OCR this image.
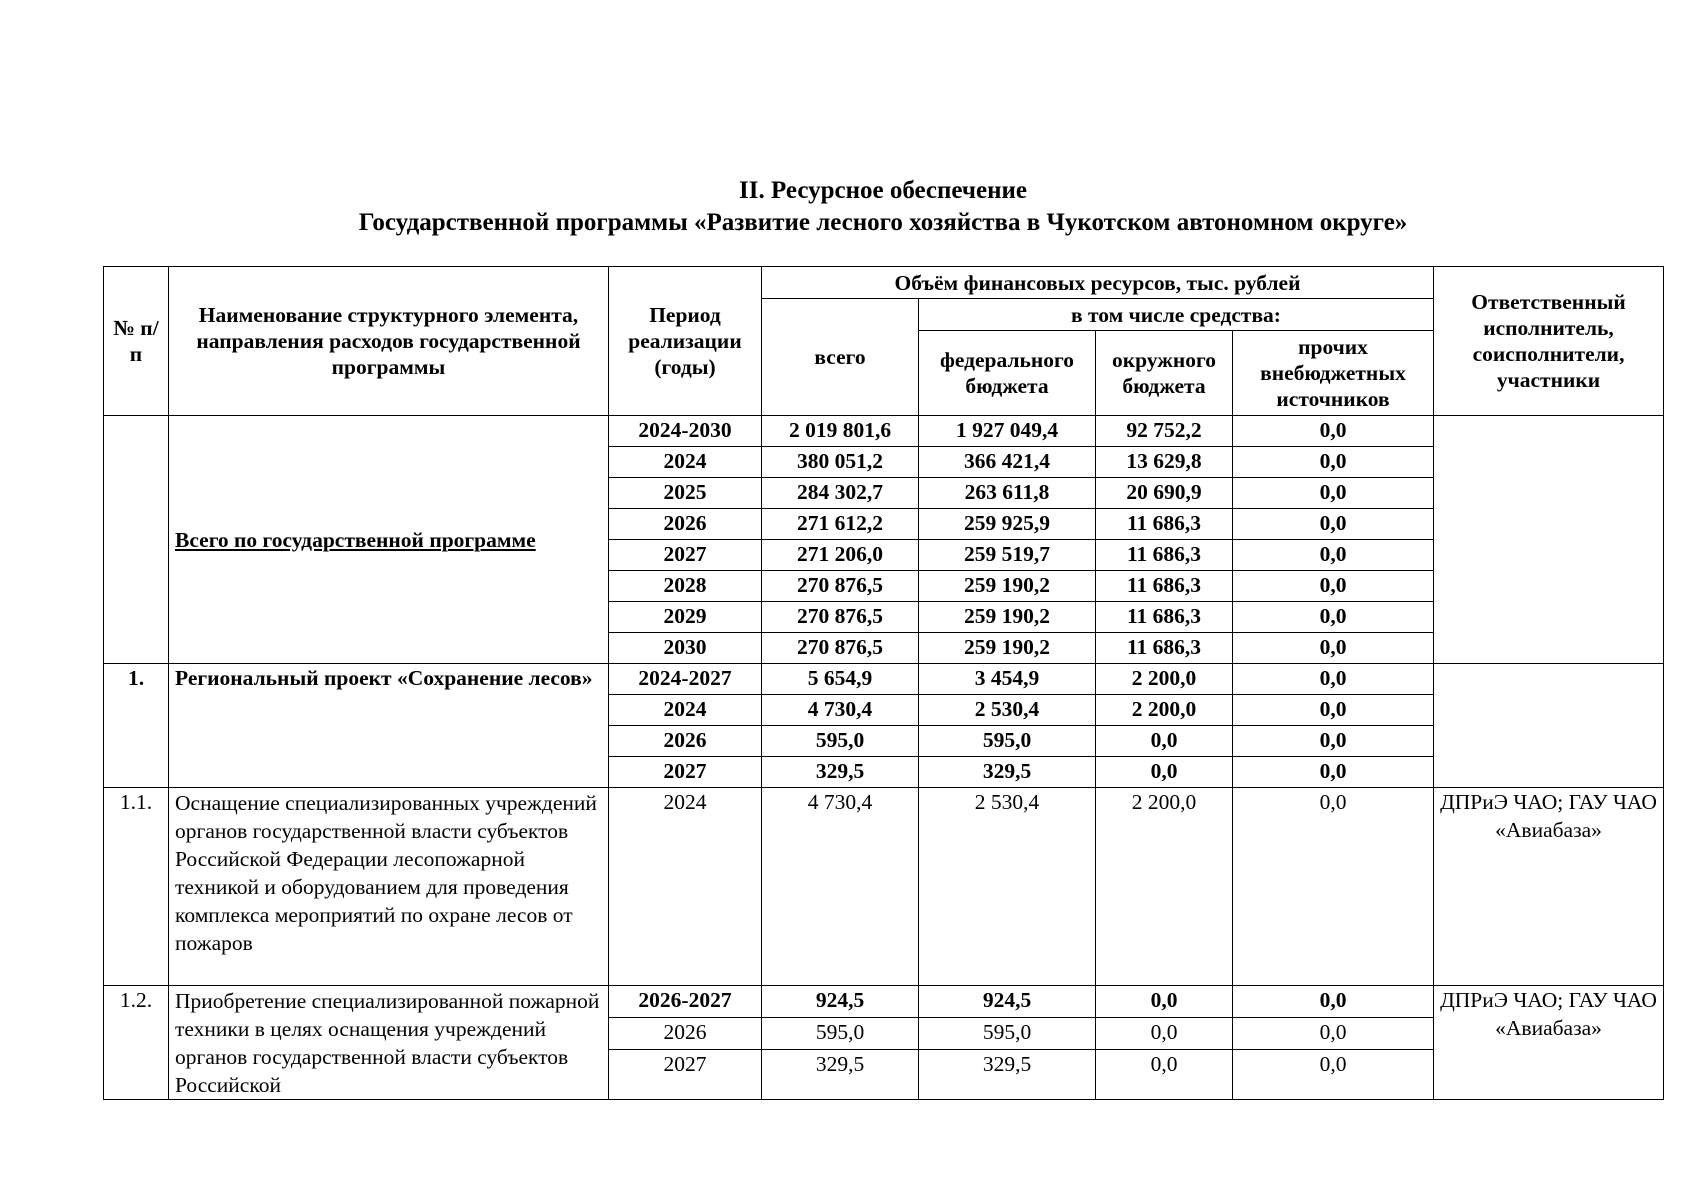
II. Ресурсное обеспечение
Государственной программы «Развитие лесного хозяйства в Чукотском автономном округе»
№ п/п	Наименование структурного элемента, направления расходов государственной программы	Период реализации (годы)	Объём финансовых ресурсов, тыс. рублей				Ответственный исполнитель, соисполнители, участники
			всего	в том числе средства:			
				федерального бюджета	окружного бюджета	прочих внебюджетных источников	
	Всего по государственной программе	2024-2030	2 019 801,6	1 927 049,4	92 752,2	0,0	
		2024	380 051,2	366 421,4	13 629,8	0,0	
		2025	284 302,7	263 611,8	20 690,9	0,0	
		2026	271 612,2	259 925,9	11 686,3	0,0	
		2027	271 206,0	259 519,7	11 686,3	0,0	
		2028	270 876,5	259 190,2	11 686,3	0,0	
		2029	270 876,5	259 190,2	11 686,3	0,0	
		2030	270 876,5	259 190,2	11 686,3	0,0	
1.	Региональный проект «Сохранение лесов»	2024-2027	5 654,9	3 454,9	2 200,0	0,0	
		2024	4 730,4	2 530,4	2 200,0	0,0	
		2026	595,0	595,0	0,0	0,0	
		2027	329,5	329,5	0,0	0,0	
1.1.	Оснащение специализированных учреждений органов государственной власти субъектов Российской Федерации лесопожарной техникой и оборудованием для проведения комплекса мероприятий по охране лесов от пожаров	2024	4 730,4	2 530,4	2 200,0	0,0	ДПРиЭ ЧАО; ГАУ ЧАО «Авиабаза»
1.2.	Приобретение специализированной пожарной техники в целях оснащения учреждений органов государственной власти субъектов Российской	2026-2027	924,5	924,5	0,0	0,0	ДПРиЭ ЧАО; ГАУ ЧАО «Авиабаза»
		2026	595,0	595,0	0,0	0,0	
		2027	329,5	329,5	0,0	0,0	
